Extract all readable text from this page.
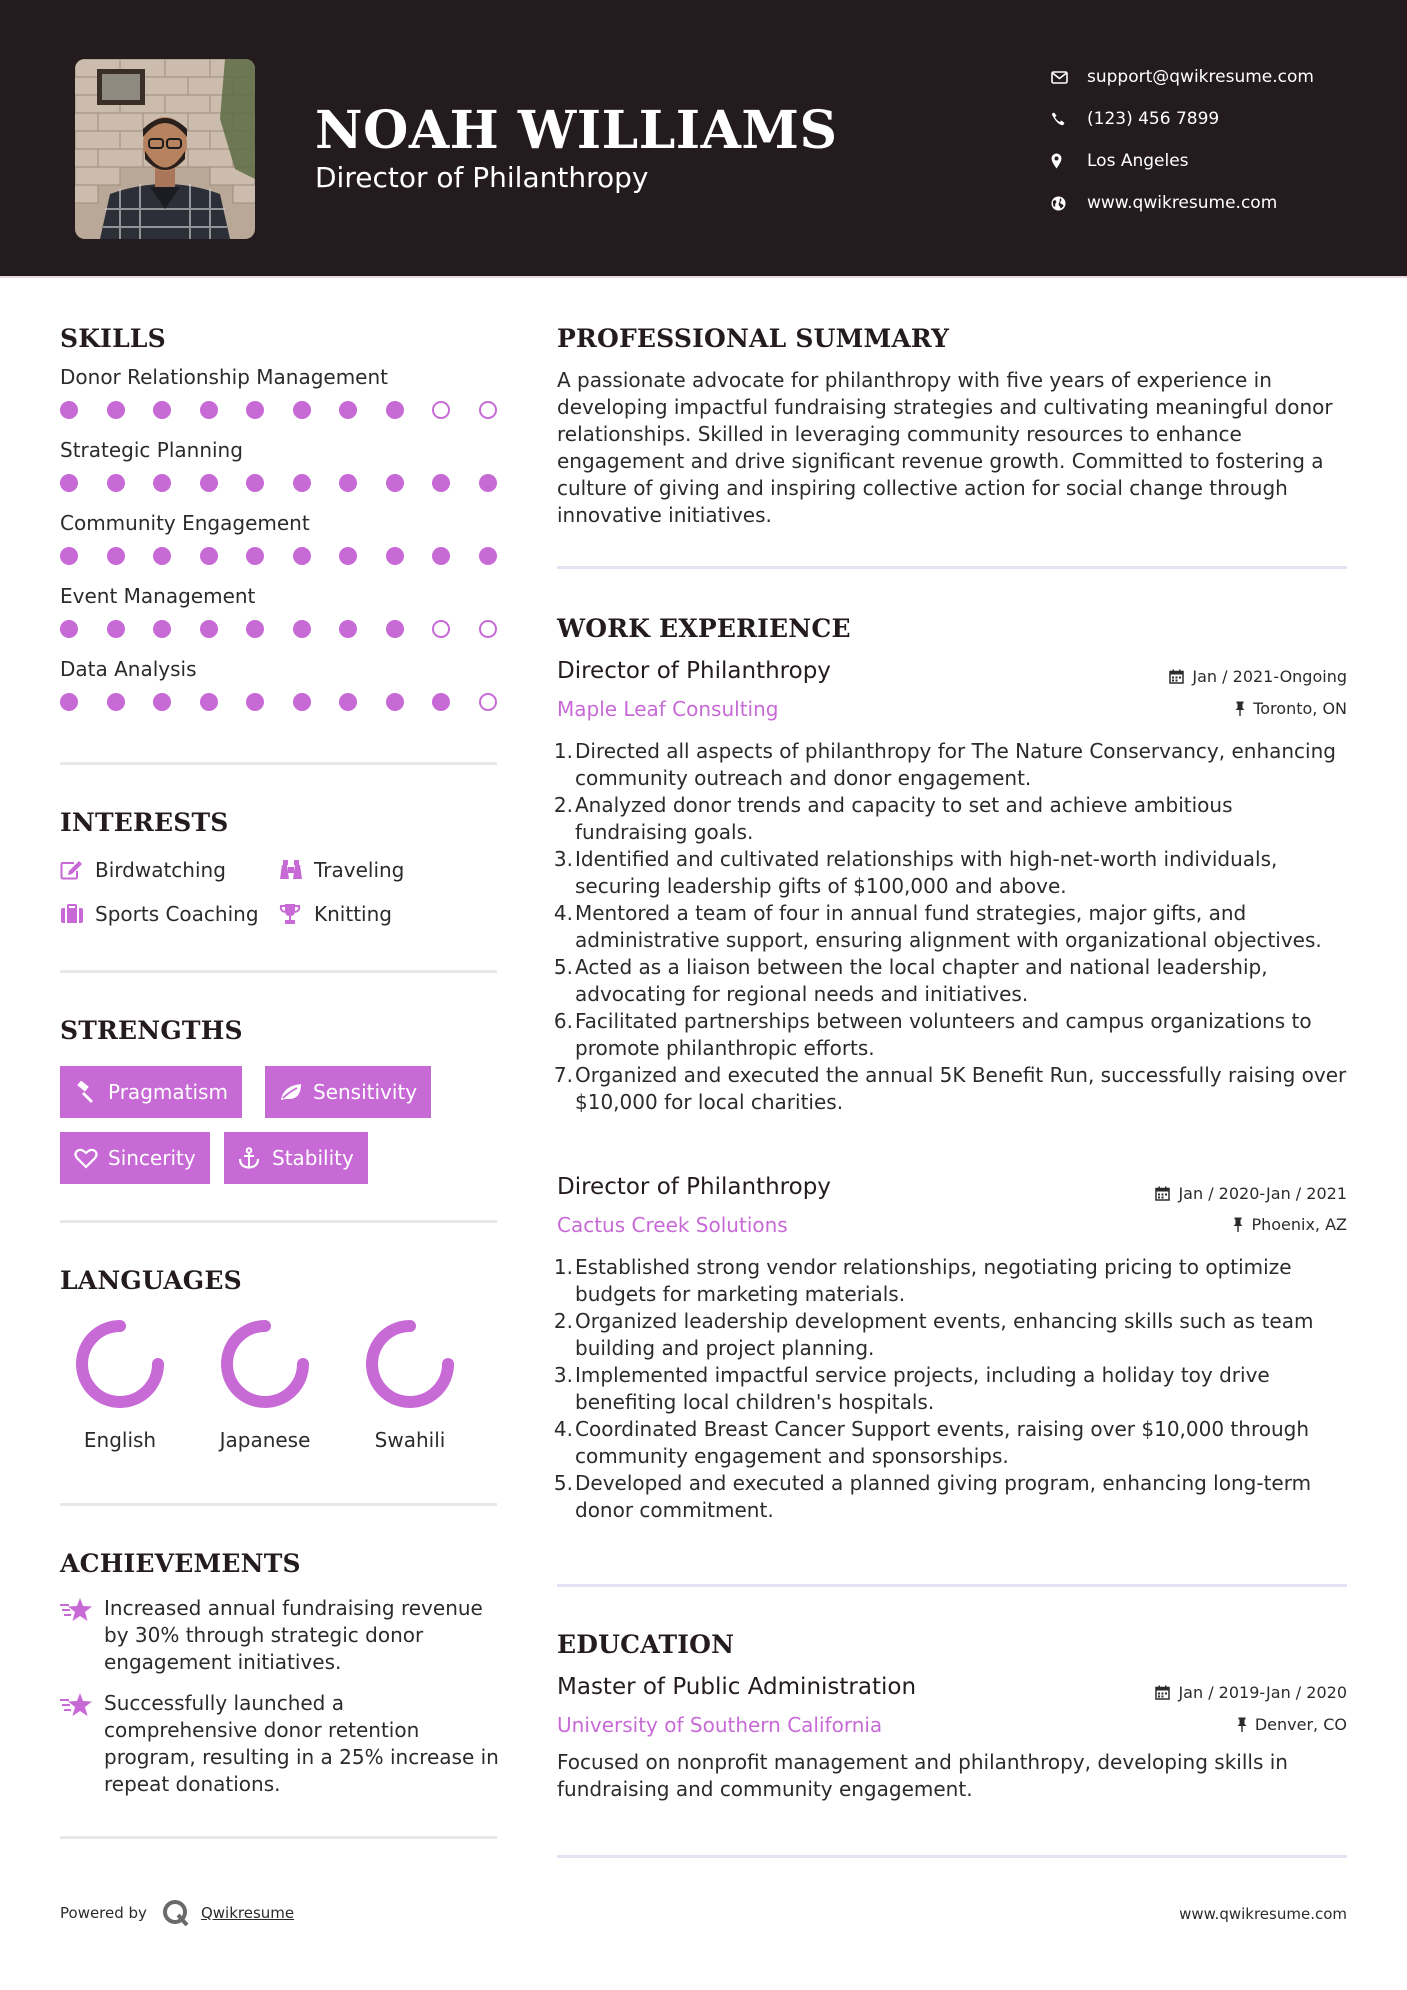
NOAH WILLIAMS
Director of Philanthropy
support@qwikresume.com
(123) 456 7899
Los Angeles
www.qwikresume.com
SKILLS
Donor Relationship Management
Strategic Planning
Community Engagement
Event Management
Data Analysis
INTERESTS
Birdwatching	Traveling
Sports Coaching	Knitting
STRENGTHS
Pragmatism	Sensitivity
Sincerity	Stability
LANGUAGES
English	Japanese	Swahili
ACHIEVEMENTS
Increased annual fundraising revenue by 30% through strategic donor engagement initiatives.
Successfully launched a comprehensive donor retention program, resulting in a 25% increase in repeat donations.
PROFESSIONAL SUMMARY
A passionate advocate for philanthropy with five years of experience in developing impactful fundraising strategies and cultivating meaningful donor relationships. Skilled in leveraging community resources to enhance engagement and drive significant revenue growth. Committed to fostering a culture of giving and inspiring collective action for social change through innovative initiatives.
WORK EXPERIENCE
Director of Philanthropy	Jan / 2021-Ongoing
Maple Leaf Consulting	Toronto, ON
1. Directed all aspects of philanthropy for The Nature Conservancy, enhancing community outreach and donor engagement.
2. Analyzed donor trends and capacity to set and achieve ambitious fundraising goals.
3. Identified and cultivated relationships with high-net-worth individuals, securing leadership gifts of $100,000 and above.
4. Mentored a team of four in annual fund strategies, major gifts, and administrative support, ensuring alignment with organizational objectives.
5. Acted as a liaison between the local chapter and national leadership, advocating for regional needs and initiatives.
6. Facilitated partnerships between volunteers and campus organizations to promote philanthropic efforts.
7. Organized and executed the annual 5K Benefit Run, successfully raising over $10,000 for local charities.
Director of Philanthropy	Jan / 2020-Jan / 2021
Cactus Creek Solutions	Phoenix, AZ
1. Established strong vendor relationships, negotiating pricing to optimize budgets for marketing materials.
2. Organized leadership development events, enhancing skills such as team building and project planning.
3. Implemented impactful service projects, including a holiday toy drive benefiting local children's hospitals.
4. Coordinated Breast Cancer Support events, raising over $10,000 through community engagement and sponsorships.
5. Developed and executed a planned giving program, enhancing long-term donor commitment.
EDUCATION
Master of Public Administration	Jan / 2019-Jan / 2020
University of Southern California	Denver, CO
Focused on nonprofit management and philanthropy, developing skills in fundraising and community engagement.
Powered by	Qwikresume	www.qwikresume.com
